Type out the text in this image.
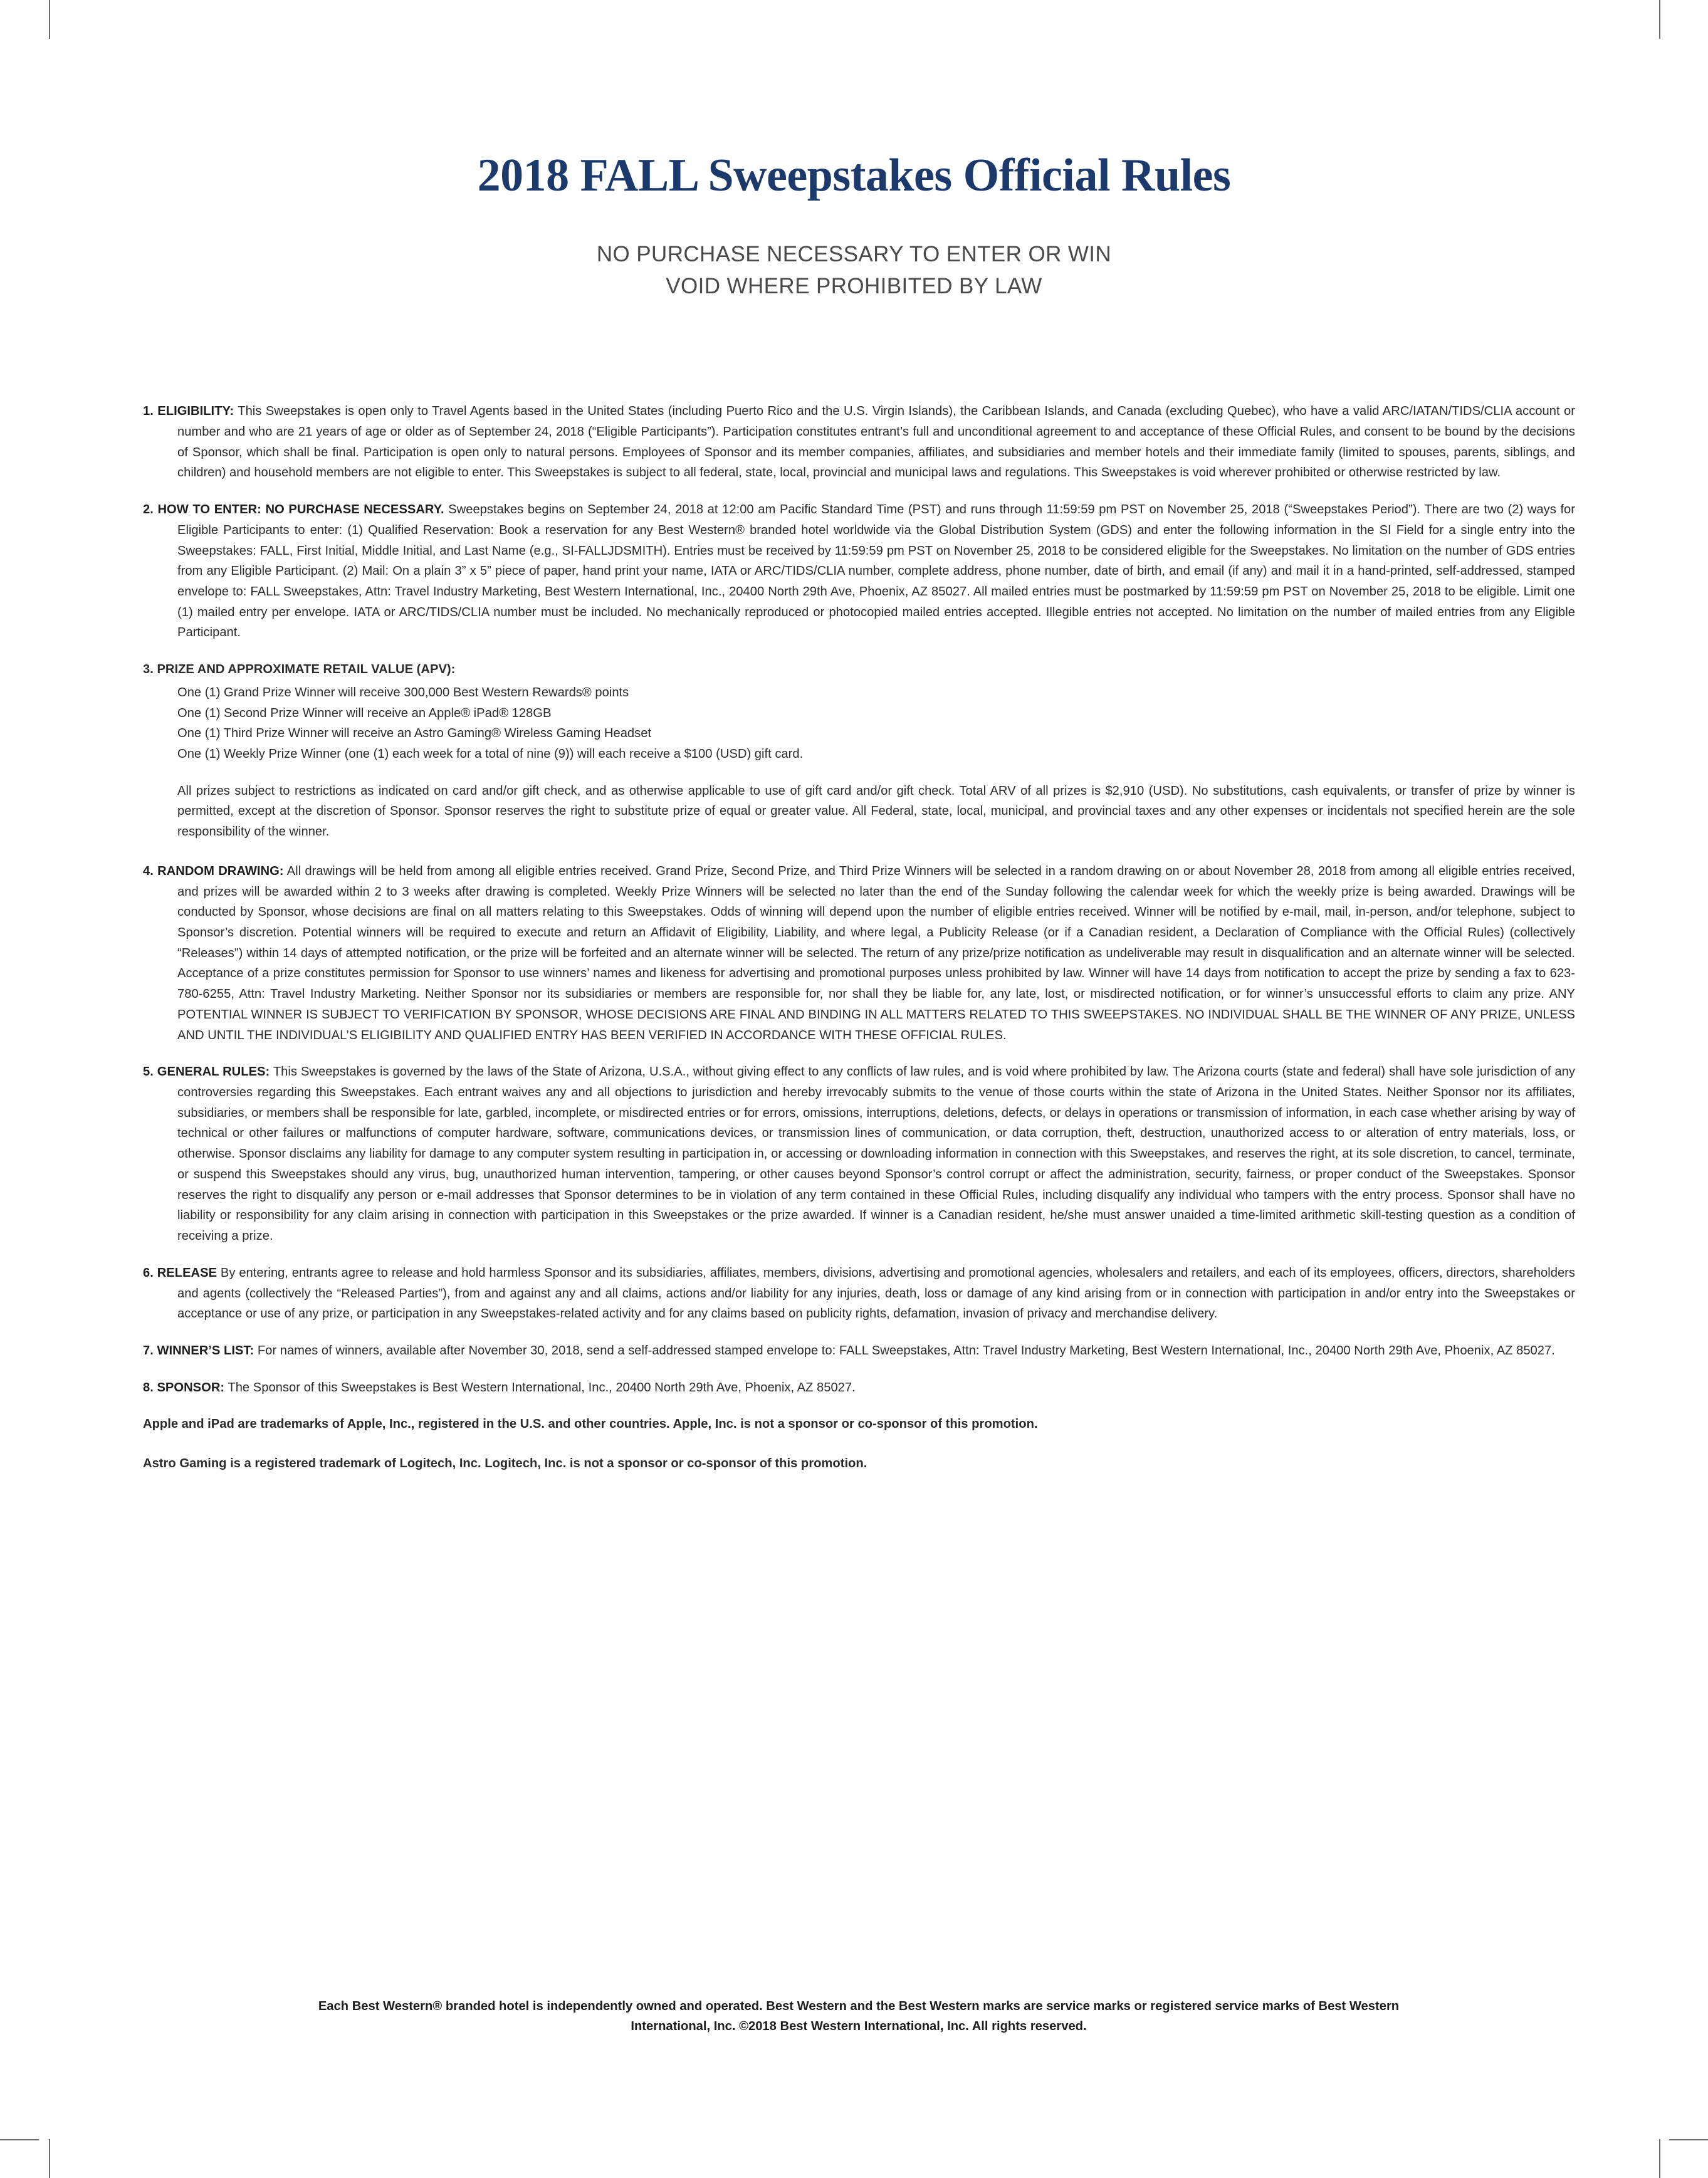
2018 FALL Sweepstakes Official Rules
NO PURCHASE NECESSARY TO ENTER OR WIN
VOID WHERE PROHIBITED BY LAW

1. ELIGIBILITY: This Sweepstakes is open only to Travel Agents based in the United States (including Puerto Rico and the U.S. Virgin Islands), the Caribbean Islands, and Canada (excluding Quebec), who have a valid ARC/IATAN/TIDS/CLIA account or number and who are 21 years of age or older as of September 24, 2018 (“Eligible Participants”). Participation constitutes entrant’s full and unconditional agreement to and acceptance of these Official Rules, and consent to be bound by the decisions of Sponsor, which shall be final. Participation is open only to natural persons. Employees of Sponsor and its member companies, affiliates, and subsidiaries and member hotels and their immediate family (limited to spouses, parents, siblings, and children) and household members are not eligible to enter. This Sweepstakes is subject to all federal, state, local, provincial and municipal laws and regulations. This Sweepstakes is void wherever prohibited or otherwise restricted by law.

2. HOW TO ENTER: NO PURCHASE NECESSARY. Sweepstakes begins on September 24, 2018 at 12:00 am Pacific Standard Time (PST) and runs through 11:59:59 pm PST on November 25, 2018 (“Sweepstakes Period”). There are two (2) ways for Eligible Participants to enter: (1) Qualified Reservation: Book a reservation for any Best Western® branded hotel worldwide via the Global Distribution System (GDS) and enter the following information in the SI Field for a single entry into the Sweepstakes: FALL, First Initial, Middle Initial, and Last Name (e.g., SI-FALLJDSMITH). Entries must be received by 11:59:59 pm PST on November 25, 2018 to be considered eligible for the Sweepstakes. No limitation on the number of GDS entries from any Eligible Participant. (2) Mail: On a plain 3” x 5” piece of paper, hand print your name, IATA or ARC/TIDS/CLIA number, complete address, phone number, date of birth, and email (if any) and mail it in a hand-printed, self-addressed, stamped envelope to: FALL Sweepstakes, Attn: Travel Industry Marketing, Best Western International, Inc., 20400 North 29th Ave, Phoenix, AZ 85027. All mailed entries must be postmarked by 11:59:59 pm PST on November 25, 2018 to be eligible. Limit one (1) mailed entry per envelope. IATA or ARC/TIDS/CLIA number must be included. No mechanically reproduced or photocopied mailed entries accepted. Illegible entries not accepted. No limitation on the number of mailed entries from any Eligible Participant.

3. PRIZE AND APPROXIMATE RETAIL VALUE (APV):

One (1) Grand Prize Winner will receive 300,000 Best Western Rewards® points
One (1) Second Prize Winner will receive an Apple® iPad® 128GB
One (1) Third Prize Winner will receive an Astro Gaming® Wireless Gaming Headset
One (1) Weekly Prize Winner (one (1) each week for a total of nine (9)) will each receive a $100 (USD) gift card.

All prizes subject to restrictions as indicated on card and/or gift check, and as otherwise applicable to use of gift card and/or gift check. Total ARV of all prizes is $2,910 (USD). No substitutions, cash equivalents, or transfer of prize by winner is permitted, except at the discretion of Sponsor. Sponsor reserves the right to substitute prize of equal or greater value. All Federal, state, local, municipal, and provincial taxes and any other expenses or incidentals not specified herein are the sole responsibility of the winner.

4. RANDOM DRAWING: All drawings will be held from among all eligible entries received. Grand Prize, Second Prize, and Third Prize Winners will be selected in a random drawing on or about November 28, 2018 from among all eligible entries received, and prizes will be awarded within 2 to 3 weeks after drawing is completed. Weekly Prize Winners will be selected no later than the end of the Sunday following the calendar week for which the weekly prize is being awarded. Drawings will be conducted by Sponsor, whose decisions are final on all matters relating to this Sweepstakes. Odds of winning will depend upon the number of eligible entries received. Winner will be notified by e-mail, mail, in-person, and/or telephone, subject to Sponsor’s discretion. Potential winners will be required to execute and return an Affidavit of Eligibility, Liability, and where legal, a Publicity Release (or if a Canadian resident, a Declaration of Compliance with the Official Rules) (collectively “Releases”) within 14 days of attempted notification, or the prize will be forfeited and an alternate winner will be selected. The return of any prize/prize notification as undeliverable may result in disqualification and an alternate winner will be selected. Acceptance of a prize constitutes permission for Sponsor to use winners’ names and likeness for advertising and promotional purposes unless prohibited by law. Winner will have 14 days from notification to accept the prize by sending a fax to 623-780-6255, Attn: Travel Industry Marketing. Neither Sponsor nor its subsidiaries or members are responsible for, nor shall they be liable for, any late, lost, or misdirected notification, or for winner’s unsuccessful efforts to claim any prize. ANY POTENTIAL WINNER IS SUBJECT TO VERIFICATION BY SPONSOR, WHOSE DECISIONS ARE FINAL AND BINDING IN ALL MATTERS RELATED TO THIS SWEEPSTAKES. NO INDIVIDUAL SHALL BE THE WINNER OF ANY PRIZE, UNLESS AND UNTIL THE INDIVIDUAL’S ELIGIBILITY AND QUALIFIED ENTRY HAS BEEN VERIFIED IN ACCORDANCE WITH THESE OFFICIAL RULES.

5. GENERAL RULES: This Sweepstakes is governed by the laws of the State of Arizona, U.S.A., without giving effect to any conflicts of law rules, and is void where prohibited by law. The Arizona courts (state and federal) shall have sole jurisdiction of any controversies regarding this Sweepstakes. Each entrant waives any and all objections to jurisdiction and hereby irrevocably submits to the venue of those courts within the state of Arizona in the United States. Neither Sponsor nor its affiliates, subsidiaries, or members shall be responsible for late, garbled, incomplete, or misdirected entries or for errors, omissions, interruptions, deletions, defects, or delays in operations or transmission of information, in each case whether arising by way of technical or other failures or malfunctions of computer hardware, software, communications devices, or transmission lines of communication, or data corruption, theft, destruction, unauthorized access to or alteration of entry materials, loss, or otherwise. Sponsor disclaims any liability for damage to any computer system resulting in participation in, or accessing or downloading information in connection with this Sweepstakes, and reserves the right, at its sole discretion, to cancel, terminate, or suspend this Sweepstakes should any virus, bug, unauthorized human intervention, tampering, or other causes beyond Sponsor’s control corrupt or affect the administration, security, fairness, or proper conduct of the Sweepstakes. Sponsor reserves the right to disqualify any person or e-mail addresses that Sponsor determines to be in violation of any term contained in these Official Rules, including disqualify any individual who tampers with the entry process. Sponsor shall have no liability or responsibility for any claim arising in connection with participation in this Sweepstakes or the prize awarded. If winner is a Canadian resident, he/she must answer unaided a time-limited arithmetic skill-testing question as a condition of receiving a prize.

6. RELEASE By entering, entrants agree to release and hold harmless Sponsor and its subsidiaries, affiliates, members, divisions, advertising and promotional agencies, wholesalers and retailers, and each of its employees, officers, directors, shareholders and agents (collectively the “Released Parties”), from and against any and all claims, actions and/or liability for any injuries, death, loss or damage of any kind arising from or in connection with participation in and/or entry into the Sweepstakes or acceptance or use of any prize, or participation in any Sweepstakes-related activity and for any claims based on publicity rights, defamation, invasion of privacy and merchandise delivery.

7. WINNER’S LIST: For names of winners, available after November 30, 2018, send a self-addressed stamped envelope to: FALL Sweepstakes, Attn: Travel Industry Marketing, Best Western International, Inc., 20400 North 29th Ave, Phoenix, AZ 85027.

8. SPONSOR: The Sponsor of this Sweepstakes is Best Western International, Inc., 20400 North 29th Ave, Phoenix, AZ 85027.

Apple and iPad are trademarks of Apple, Inc., registered in the U.S. and other countries. Apple, Inc. is not a sponsor or co-sponsor of this promotion.

Astro Gaming is a registered trademark of Logitech, Inc. Logitech, Inc. is not a sponsor or co-sponsor of this promotion.

Each Best Western® branded hotel is independently owned and operated. Best Western and the Best Western marks are service marks or registered service marks of Best Western
International, Inc. ©2018 Best Western International, Inc. All rights reserved.
